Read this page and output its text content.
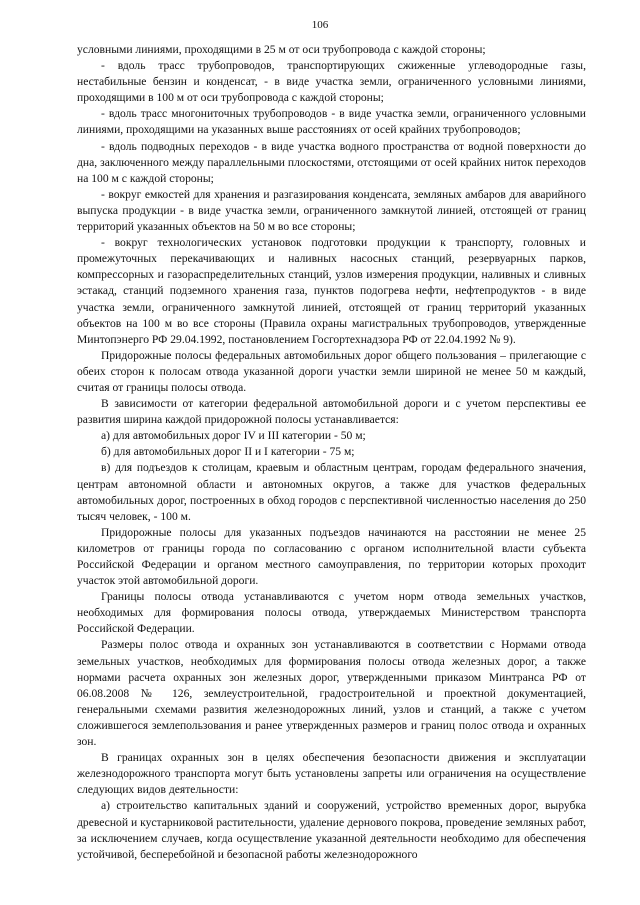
106

условными линиями, проходящими в 25 м от оси трубопровода с каждой стороны;

- вдоль трасс трубопроводов, транспортирующих сжиженные углеводородные газы, нестабильные бензин и конденсат, - в виде участка земли, ограниченного условными линиями, проходящими в 100 м от оси трубопровода с каждой стороны;

- вдоль трасс многониточных трубопроводов - в виде участка земли, ограниченного условными линиями, проходящими на указанных выше расстояниях от осей крайних трубопроводов;

- вдоль подводных переходов - в виде участка водного пространства от водной поверхности до дна, заключенного между параллельными плоскостями, отстоящими от осей крайних ниток переходов на 100 м с каждой стороны;

- вокруг емкостей для хранения и разгазирования конденсата, земляных амбаров для аварийного выпуска продукции - в виде участка земли, ограниченного замкнутой линией, отстоящей от границ территорий указанных объектов на 50 м во все стороны;

- вокруг технологических установок подготовки продукции к транспорту, головных и промежуточных перекачивающих и наливных насосных станций, резервуарных парков, компрессорных и газораспределительных станций, узлов измерения продукции, наливных и сливных эстакад, станций подземного хранения газа, пунктов подогрева нефти, нефтепродуктов - в виде участка земли, ограниченного замкнутой линией, отстоящей от границ территорий указанных объектов на 100 м во все стороны (Правила охраны магистральных трубопроводов, утвержденные Минтопэнерго РФ 29.04.1992, постановлением Госгортехнадзора РФ от 22.04.1992 № 9).

Придорожные полосы федеральных автомобильных дорог общего пользования – прилегающие с обеих сторон к полосам отвода указанной дороги участки земли шириной не менее 50 м каждый, считая от границы полосы отвода.

В зависимости от категории федеральной автомобильной дороги и с учетом перспективы ее развития ширина каждой придорожной полосы устанавливается:

а) для автомобильных дорог IV и III категории - 50 м;

б) для автомобильных дорог II и I категории - 75 м;

в) для подъездов к столицам, краевым и областным центрам, городам федерального значения, центрам автономной области и автономных округов, а также для участков федеральных автомобильных дорог, построенных в обход городов с перспективной численностью населения до 250 тысяч человек, - 100 м.

Придорожные полосы для указанных подъездов начинаются на расстоянии не менее 25 километров от границы города по согласованию с органом исполнительной власти субъекта Российской Федерации и органом местного самоуправления, по территории которых проходит участок этой автомобильной дороги.

Границы полосы отвода устанавливаются с учетом норм отвода земельных участков, необходимых для формирования полосы отвода, утверждаемых Министерством транспорта Российской Федерации.

Размеры полос отвода и охранных зон устанавливаются в соответствии с Нормами отвода земельных участков, необходимых для формирования полосы отвода железных дорог, а также нормами расчета охранных зон железных дорог, утвержденными приказом Минтранса РФ от 06.08.2008 № 126, землеустроительной, градостроительной и проектной документацией, генеральными схемами развития железнодорожных линий, узлов и станций, а также с учетом сложившегося землепользования и ранее утвержденных размеров и границ полос отвода и охранных зон.

В границах охранных зон в целях обеспечения безопасности движения и эксплуатации железнодорожного транспорта могут быть установлены запреты или ограничения на осуществление следующих видов деятельности:

а) строительство капитальных зданий и сооружений, устройство временных дорог, вырубка древесной и кустарниковой растительности, удаление дернового покрова, проведение земляных работ, за исключением случаев, когда осуществление указанной деятельности необходимо для обеспечения устойчивой, бесперебойной и безопасной работы железнодорожного
